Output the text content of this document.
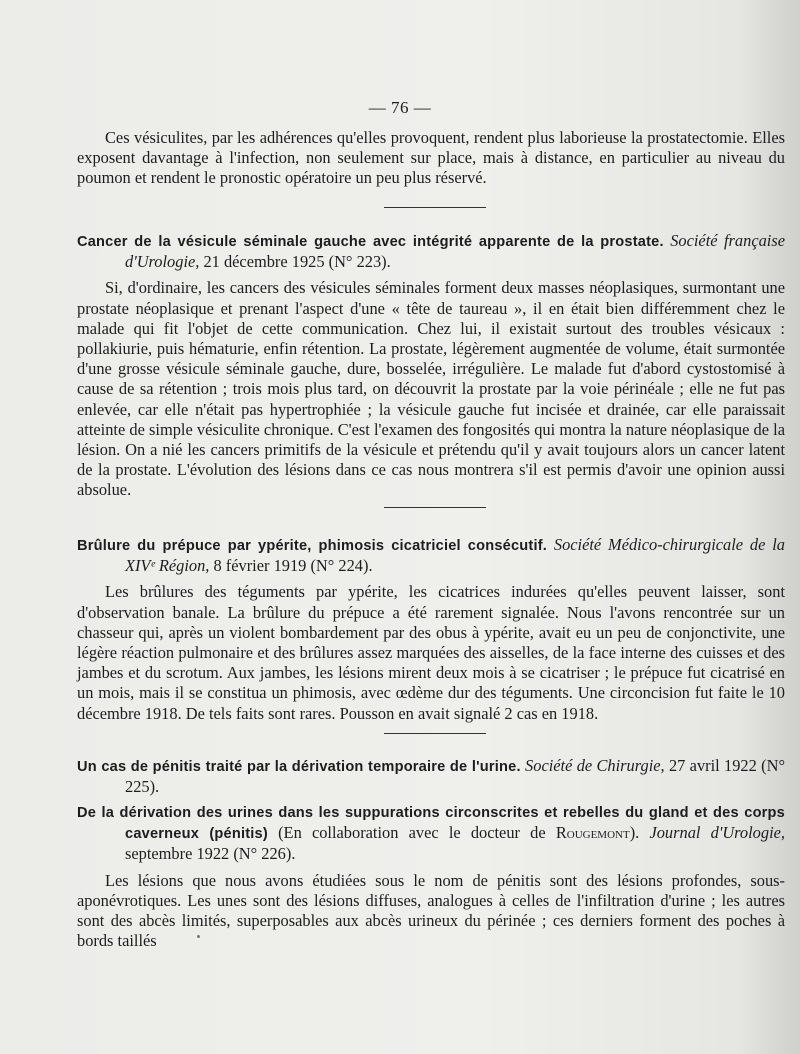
— 76 —

Ces vésiculites, par les adhérences qu'elles provoquent, rendent plus laborieuse la prostatectomie. Elles exposent davantage à l'infection, non seulement sur place, mais à distance, en particulier au niveau du poumon et rendent le pronostic opératoire un peu plus réservé.

Cancer de la vésicule séminale gauche avec intégrité apparente de la prostate. Société française d'Urologie, 21 décembre 1925 (N° 223).

Si, d'ordinaire, les cancers des vésicules séminales forment deux masses néoplasiques, surmontant une prostate néoplasique et prenant l'aspect d'une « tête de taureau », il en était bien différemment chez le malade qui fit l'objet de cette communication. Chez lui, il existait surtout des troubles vésicaux : pollakiurie, puis hématurie, enfin rétention. La prostate, légèrement augmentée de volume, était surmontée d'une grosse vésicule séminale gauche, dure, bosselée, irrégulière. Le malade fut d'abord cystostomisé à cause de sa rétention ; trois mois plus tard, on découvrit la prostate par la voie périnéale ; elle ne fut pas enlevée, car elle n'était pas hypertrophiée ; la vésicule gauche fut incisée et drainée, car elle paraissait atteinte de simple vésiculite chronique. C'est l'examen des fongosités qui montra la nature néoplasique de la lésion. On a nié les cancers primitifs de la vésicule et prétendu qu'il y avait toujours alors un cancer latent de la prostate. L'évolution des lésions dans ce cas nous montrera s'il est permis d'avoir une opinion aussi absolue.

Brûlure du prépuce par ypérite, phimosis cicatriciel consécutif. Société Médico-chirurgicale de la XIVᵉ Région, 8 février 1919 (N° 224).

Les brûlures des téguments par ypérite, les cicatrices indurées qu'elles peuvent laisser, sont d'observation banale. La brûlure du prépuce a été rarement signalée. Nous l'avons rencontrée sur un chasseur qui, après un violent bombardement par des obus à ypérite, avait eu un peu de conjonctivite, une légère réaction pulmonaire et des brûlures assez marquées des aisselles, de la face interne des cuisses et des jambes et du scrotum. Aux jambes, les lésions mirent deux mois à se cicatriser ; le prépuce fut cicatrisé en un mois, mais il se constitua un phimosis, avec œdème dur des téguments. Une circoncision fut faite le 10 décembre 1918. De tels faits sont rares. Pousson en avait signalé 2 cas en 1918.

Un cas de pénitis traité par la dérivation temporaire de l'urine. Société de Chirurgie, 27 avril 1922 (N° 225).

De la dérivation des urines dans les suppurations circonscrites et rebelles du gland et des corps caverneux (pénitis) (En collaboration avec le docteur de Rougemont). Journal d'Urologie, septembre 1922 (N° 226).

Les lésions que nous avons étudiées sous le nom de pénitis sont des lésions profondes, sous-aponévrotiques. Les unes sont des lésions diffuses, analogues à celles de l'infiltration d'urine ; les autres sont des abcès limités, superposables aux abcès urineux du périnée ; ces derniers forment des poches à bords taillés
